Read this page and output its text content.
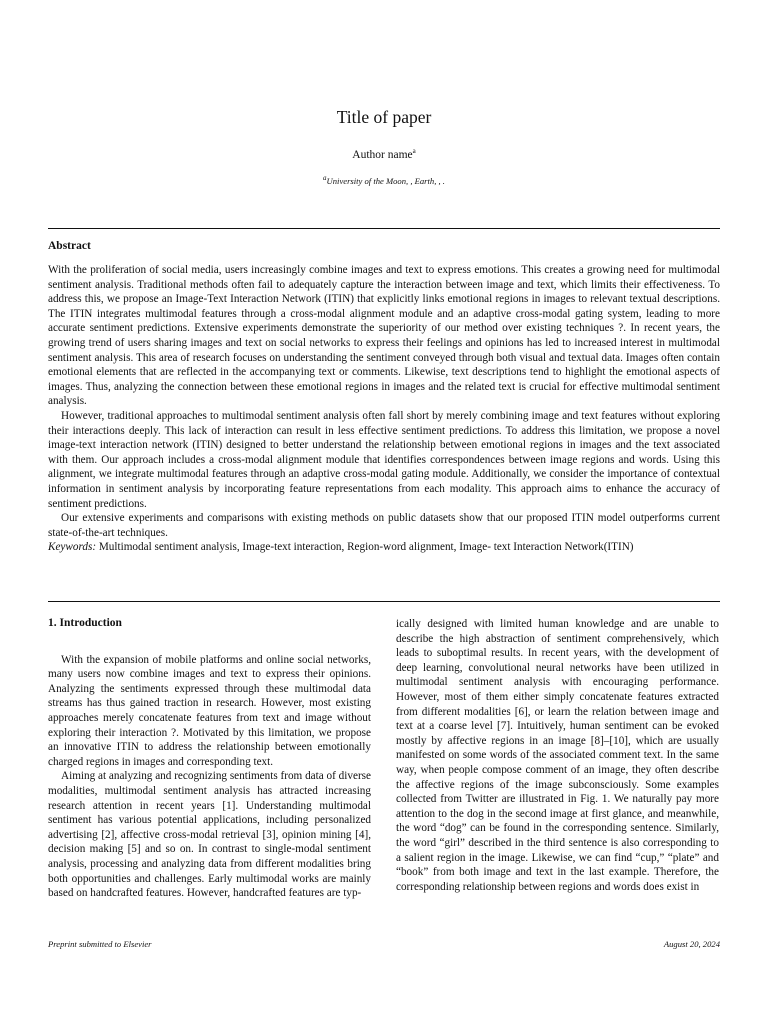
Title of paper
Author name$^a$
$^a$University of the Moon, , Earth, , .
Abstract

With the proliferation of social media, users increasingly combine images and text to express emotions. This creates a growing need for multimodal sentiment analysis. Traditional methods often fail to adequately capture the interaction between image and text, which limits their effectiveness. To address this, we propose an Image-Text Interaction Network (ITIN) that explicitly links emotional regions in images to relevant textual descriptions. The ITIN integrates multimodal features through a cross-modal alignment module and an adaptive cross-modal gating system, leading to more accurate sentiment predictions. Extensive experiments demonstrate the superiority of our method over existing techniques ?. In recent years, the growing trend of users sharing images and text on social networks to express their feelings and opinions has led to increased interest in multimodal sentiment analysis. This area of research focuses on understanding the sentiment conveyed through both visual and textual data. Images often contain emotional elements that are reflected in the accompanying text or comments. Likewise, text descriptions tend to highlight the emotional aspects of images. Thus, analyzing the connection between these emotional regions in images and the related text is crucial for effective multimodal sentiment analysis.

However, traditional approaches to multimodal sentiment analysis often fall short by merely combining image and text features without exploring their interactions deeply. This lack of interaction can result in less effective sentiment predictions. To address this limitation, we propose a novel image-text interaction network (ITIN) designed to better understand the relationship between emotional regions in images and the text associated with them. Our approach includes a cross-modal alignment module that identifies correspondences between image regions and words. Using this alignment, we integrate multimodal features through an adaptive cross-modal gating module. Additionally, we consider the importance of contextual information in sentiment analysis by incorporating feature representations from each modality. This approach aims to enhance the accuracy of sentiment predictions.

Our extensive experiments and comparisons with existing methods on public datasets show that our proposed ITIN model outperforms current state-of-the-art techniques.

Keywords: Multimodal sentiment analysis, Image-text interaction, Region-word alignment, Image- text Interaction Network(ITIN)

1. Introduction

With the expansion of mobile platforms and online social networks, many users now combine images and text to express their opinions. Analyzing the sentiments expressed through these multimodal data streams has thus gained traction in research. However, most existing approaches merely concatenate features from text and image without exploring their interaction ?. Motivated by this limitation, we propose an innovative ITIN to address the relationship between emotionally charged regions in images and corresponding text.

Aiming at analyzing and recognizing sentiments from data of diverse modalities, multimodal sentiment analysis has attracted increasing research attention in recent years [1]. Understanding multimodal sentiment has various potential applications, including personalized advertising [2], affective cross-modal retrieval [3], opinion mining [4], decision making [5] and so on. In contrast to single-modal sentiment analysis, processing and analyzing data from different modalities bring both opportunities and challenges. Early multimodal works are mainly based on handcrafted features. However, handcrafted features are typ-

ically designed with limited human knowledge and are unable to describe the high abstraction of sentiment comprehensively, which leads to suboptimal results. In recent years, with the development of deep learning, convolutional neural networks have been utilized in multimodal sentiment analysis with encouraging performance. However, most of them either simply concatenate features extracted from different modalities [6], or learn the relation between image and text at a coarse level [7]. Intuitively, human sentiment can be evoked mostly by affective regions in an image [8]–[10], which are usually manifested on some words of the associated comment text. In the same way, when people compose comment of an image, they often describe the affective regions of the image subconsciously. Some examples collected from Twitter are illustrated in Fig. 1. We naturally pay more attention to the dog in the second image at first glance, and meanwhile, the word “dog” can be found in the corresponding sentence. Similarly, the word “girl” described in the third sentence is also corresponding to a salient region in the image. Likewise, we can find “cup,” “plate” and “book” from both image and text in the last example. Therefore, the corresponding relationship between regions and words does exist in

Preprint submitted to Elsevier	August 20, 2024
